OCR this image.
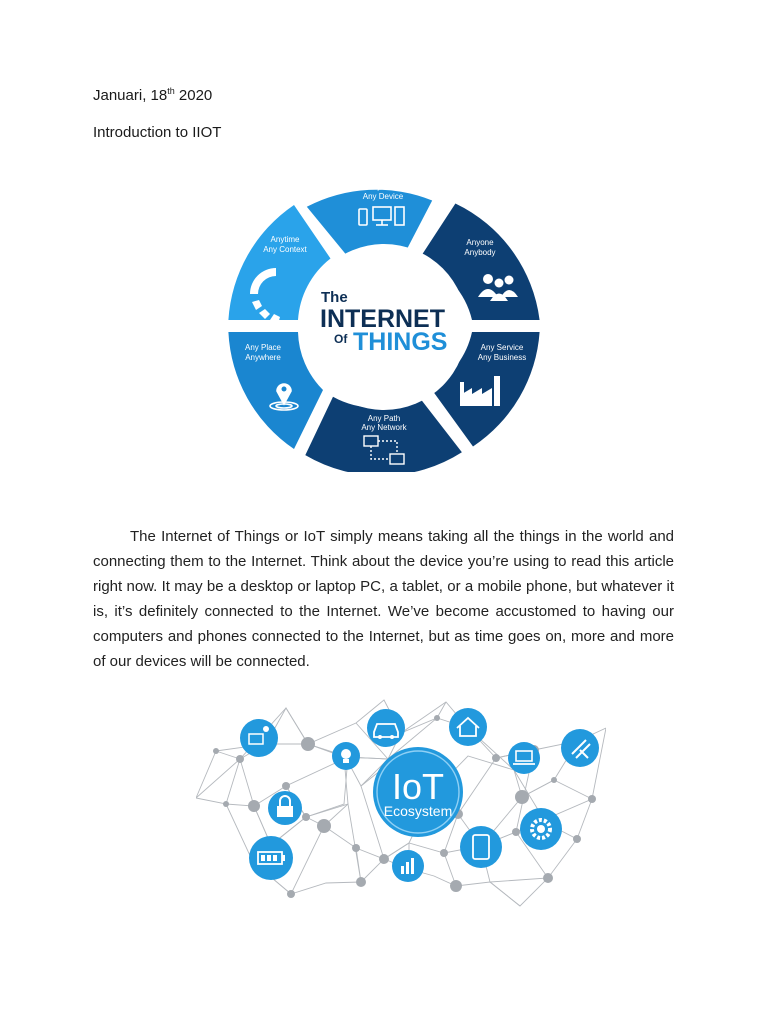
Januari, 18th 2020
Introduction to IIOT
The
INTERNET
Of THINGS
Anything
Any Device
Anyone
Anybody
Any Service
Any Business
Any Path
Any Network
Any Place
Anywhere
Anytime
Any Context
The Internet of Things or IoT simply means taking all the things in the world and connecting them to the Internet. Think about the device you’re using to read this article right now. It may be a desktop or laptop PC, a tablet, or a mobile phone, but whatever it is, it’s definitely connected to the Internet. We’ve become accustomed to having our computers and phones connected to the Internet, but as time goes on, more and more of our devices will be connected.
IoT
Ecosystem
